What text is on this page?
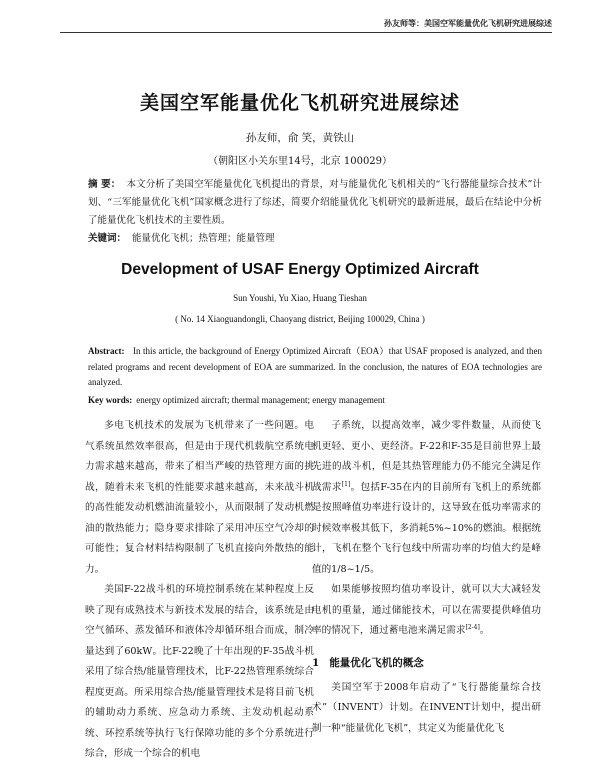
孙友师等：美国空军能量优化飞机研究进展综述
美国空军能量优化飞机研究进展综述
孙友师，俞 笑，黄铁山
（朝阳区小关东里14号，北京 100029）
摘 要： 本文分析了美国空军能量优化飞机提出的背景，对与能量优化飞机相关的“飞行器能量综合技术”计划、“三军能量优化飞机”国家概念进行了综述，简要介绍能量优化飞机研究的最新进展，最后在结论中分析了能量优化飞机技术的主要性质。
关键词： 能量优化飞机；热管理；能量管理
Development of USAF Energy Optimized Aircraft
Sun Youshi, Yu Xiao, Huang Tieshan
( No. 14 Xiaoguandongli, Chaoyang district, Beijing 100029, China )
Abstract: In this article, the background of Energy Optimized Aircraft（EOA）that USAF proposed is analyzed, and then related programs and recent development of EOA are summarized. In the conclusion, the natures of EOA technologies are analyzed.
Key words: energy optimized aircraft; thermal management; energy management

多电飞机技术的发展为飞机带来了一些问题。电气系统虽然效率很高，但是由于现代机载航空系统电力需求越来越高，带来了相当严峻的热管理方面的挑战，随着未来飞机的性能要求越来越高，未来战斗机的高性能发动机燃油流量较小，从而限制了发动机燃油的散热能力；隐身要求排除了采用冲压空气冷却的可能性；复合材料结构限制了飞机直接向外散热的能力。

美国F-22战斗机的环境控制系统在某种程度上反映了现有成熟技术与新技术发展的结合，该系统是由空气循环、蒸发循环和液体冷却循环组合而成，制冷量达到了60kW。比F-22晚了十年出现的F-35战斗机采用了综合热/能量管理技术，比F-22热管理系统综合程度更高。所采用综合热/能量管理技术是将目前飞机的辅助动力系统、应急动力系统、主发动机起动系统、环控系统等执行飞行保障功能的多个分系统进行综合，形成一个综合的机电

子系统，以提高效率，减少零件数量，从而使飞机更轻、更小、更经济。F-22和F-35是目前世界上最先进的战斗机，但是其热管理能力仍不能完全满足作战需求[1]。包括F-35在内的目前所有飞机上的系统都是按照峰值功率进行设计的，这导致在低功率需求的时候效率极其低下，多消耗5%~10%的燃油。根据统计，飞机在整个飞行包线中所需功率的均值大约是峰值的1/8~1/5。

如果能够按照均值功率设计，就可以大大减轻发电机的重量，通过储能技术，可以在需要提供峰值功率的情况下，通过蓄电池来满足需求[2-4]。

1 能量优化飞机的概念

美国空军于2008年启动了“飞行器能量综合技术”（INVENT）计划。在INVENT计划中，提出研制一种“能量优化飞机”，其定义为能量优化飞
